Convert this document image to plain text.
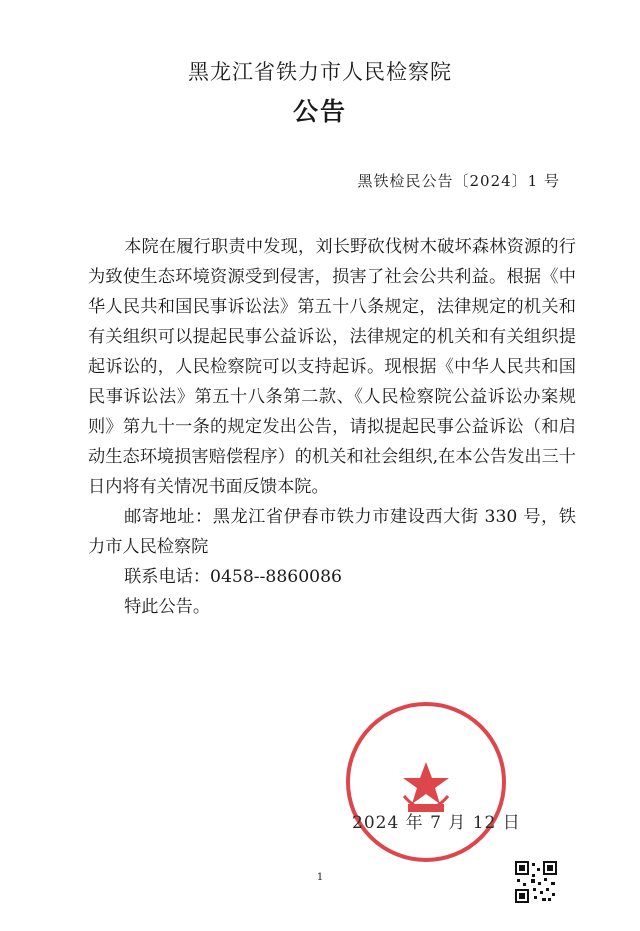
黑龙江省铁力市人民检察院
公告
黑铁检民公告〔2024〕1 号

本院在履行职责中发现，刘长野砍伐树木破坏森林资源的行为致使生态环境资源受到侵害，损害了社会公共利益。根据《中华人民共和国民事诉讼法》第五十八条规定，法律规定的机关和有关组织可以提起民事公益诉讼，法律规定的机关和有关组织提起诉讼的，人民检察院可以支持起诉。现根据《中华人民共和国民事诉讼法》第五十八条第二款、《人民检察院公益诉讼办案规则》第九十一条的规定发出公告，请拟提起民事公益诉讼（和启动生态环境损害赔偿程序）的机关和社会组织,在本公告发出三十日内将有关情况书面反馈本院。

邮寄地址：黑龙江省伊春市铁力市建设西大街 330 号，铁力市人民检察院

联系电话：0458--8860086

特此公告。

2024 年 7 月 12 日
1
